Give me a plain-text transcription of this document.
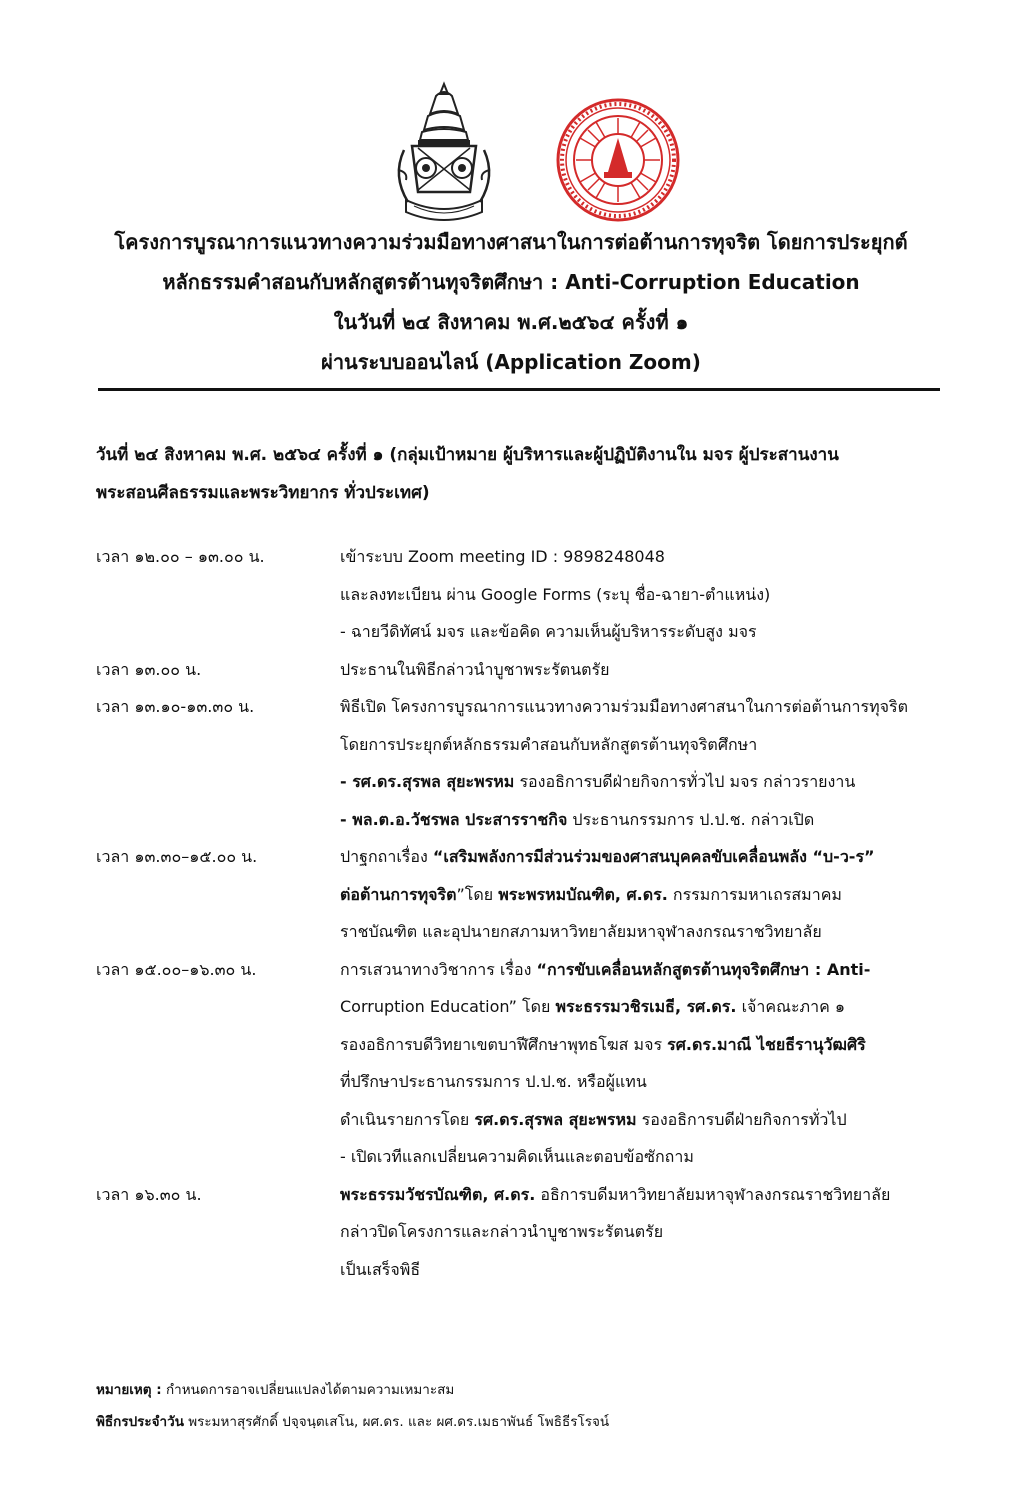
โครงการบูรณาการแนวทางความร่วมมือทางศาสนาในการต่อต้านการทุจริต โดยการประยุกต์
หลักธรรมคำสอนกับหลักสูตรต้านทุจริตศึกษา : Anti-Corruption Education
ในวันที่ ๒๔ สิงหาคม พ.ศ.๒๕๖๔ ครั้งที่ ๑
ผ่านระบบออนไลน์ (Application Zoom)
วันที่ ๒๔ สิงหาคม พ.ศ. ๒๕๖๔ ครั้งที่ ๑ (กลุ่มเป้าหมาย ผู้บริหารและผู้ปฏิบัติงานใน มจร ผู้ประสานงาน
พระสอนศีลธรรมและพระวิทยากร ทั่วประเทศ)
เวลา ๑๒.๐๐ – ๑๓.๐๐ น.	เข้าระบบ Zoom meeting ID : 9898248048
และลงทะเบียน ผ่าน Google Forms (ระบุ ชื่อ-ฉายา-ตำแหน่ง)
- ฉายวีดิทัศน์ มจร และข้อคิด ความเห็นผู้บริหารระดับสูง มจร
เวลา ๑๓.๐๐ น.	ประธานในพิธีกล่าวนำบูชาพระรัตนตรัย
เวลา ๑๓.๑๐-๑๓.๓๐ น.	พิธีเปิด โครงการบูรณาการแนวทางความร่วมมือทางศาสนาในการต่อต้านการทุจริต
โดยการประยุกต์หลักธรรมคำสอนกับหลักสูตรต้านทุจริตศึกษา
- รศ.ดร.สุรพล สุยะพรหม รองอธิการบดีฝ่ายกิจการทั่วไป มจร กล่าวรายงาน
- พล.ต.อ.วัชรพล ประสารราชกิจ ประธานกรรมการ ป.ป.ช. กล่าวเปิด
เวลา ๑๓.๓๐–๑๕.๐๐ น.	ปาฐกถาเรื่อง “เสริมพลังการมีส่วนร่วมของศาสนบุคคลขับเคลื่อนพลัง “บ-ว-ร”
ต่อต้านการทุจริต”โดย พระพรหมบัณฑิต, ศ.ดร. กรรมการมหาเถรสมาคม
ราชบัณฑิต และอุปนายกสภามหาวิทยาลัยมหาจุฬาลงกรณราชวิทยาลัย
เวลา ๑๕.๐๐–๑๖.๓๐ น.	การเสวนาทางวิชาการ เรื่อง “การขับเคลื่อนหลักสูตรต้านทุจริตศึกษา : Anti-
Corruption Education” โดย พระธรรมวชิรเมธี, รศ.ดร. เจ้าคณะภาค ๑
รองอธิการบดีวิทยาเขตบาฬีศึกษาพุทธโฆส มจร รศ.ดร.มาณี ไชยธีรานุวัฒศิริ
ที่ปรึกษาประธานกรรมการ ป.ป.ช. หรือผู้แทน
ดำเนินรายการโดย รศ.ดร.สุรพล สุยะพรหม รองอธิการบดีฝ่ายกิจการทั่วไป
- เปิดเวทีแลกเปลี่ยนความคิดเห็นและตอบข้อซักถาม
เวลา ๑๖.๓๐ น.	พระธรรมวัชรบัณฑิต, ศ.ดร. อธิการบดีมหาวิทยาลัยมหาจุฬาลงกรณราชวิทยาลัย
กล่าวปิดโครงการและกล่าวนำบูชาพระรัตนตรัย
เป็นเสร็จพิธี
หมายเหตุ : กำหนดการอาจเปลี่ยนแปลงได้ตามความเหมาะสม
พิธีกรประจำวัน พระมหาสุรศักดิ์ ปจฺจนฺตเสโน, ผศ.ดร. และ ผศ.ดร.เมธาพันธ์ โพธิธีรโรจน์
